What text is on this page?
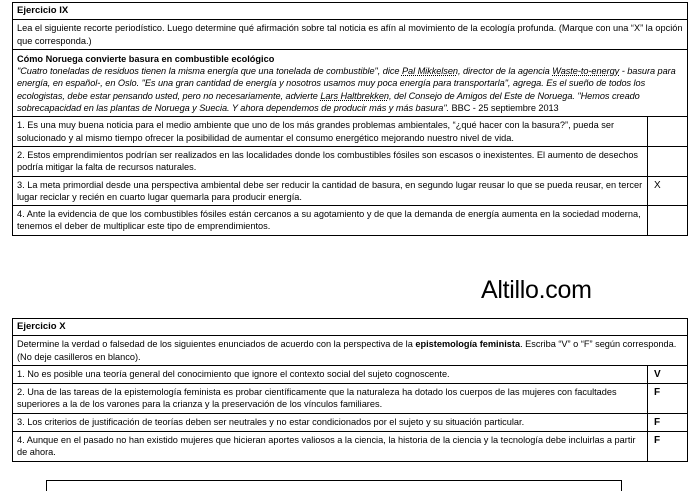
Ejercicio IX
Lea el siguiente recorte periodístico. Luego determine qué afirmación sobre tal noticia es afín al movimiento de la ecología profunda. (Marque con una “X” la opción que corresponda.)
Cómo Noruega convierte basura en combustible ecológico
"Cuatro toneladas de residuos tienen la misma energía que una tonelada de combustible", dice Pal Mikkelsen, director de la agencia Waste-to-energy - basura para energía, en español-, en Oslo. "Es una gran cantidad de energía y nosotros usamos muy poca energía para transportarla", agrega. Es el sueño de todos los ecologistas, debe estar pensando usted, pero no necesariamente, advierte Lars Haltbrekken, del Consejo de Amigos del Este de Noruega. "Hemos creado sobrecapacidad en las plantas de Noruega y Suecia. Y ahora dependemos de producir más y más basura". BBC - 25 septiembre 2013
1. Es una muy buena noticia para el medio ambiente que uno de los más grandes problemas ambientales, “¿qué hacer con la basura?”, pueda ser solucionado y al mismo tiempo ofrecer la posibilidad de aumentar el consumo energético mejorando nuestro nivel de vida.
2. Estos emprendimientos podrían ser realizados en las localidades donde los combustibles fósiles son escasos o inexistentes. El aumento de desechos podría mitigar la falta de recursos naturales.
3. La meta primordial desde una perspectiva ambiental debe ser reducir la cantidad de basura, en segundo lugar reusar lo que se pueda reusar, en tercer lugar reciclar y recién en cuarto lugar quemarla para producir energía.
X
4. Ante la evidencia de que los combustibles fósiles están cercanos a su agotamiento y de que la demanda de energía aumenta en la sociedad moderna, tenemos el deber de multiplicar este tipo de emprendimientos.
Altillo.com
Ejercicio X
Determine la verdad o falsedad de los siguientes enunciados de acuerdo con la perspectiva de la epistemología feminista. Escriba “V” o “F” según corresponda. (No deje casilleros en blanco).
1. No es posible una teoría general del conocimiento que ignore el contexto social del sujeto cognoscente.	V
2. Una de las tareas de la epistemología feminista es probar científicamente que la naturaleza ha dotado los cuerpos de las mujeres con facultades superiores a la de los varones para la crianza y la preservación de los vínculos familiares.
F
3. Los criterios de justificación de teorías deben ser neutrales y no estar condicionados por el sujeto y su situación particular.	F
4. Aunque en el pasado no han existido mujeres que hicieran aportes valiosos a la ciencia, la historia de la ciencia y la tecnología debe incluirlas a partir de ahora.
F
